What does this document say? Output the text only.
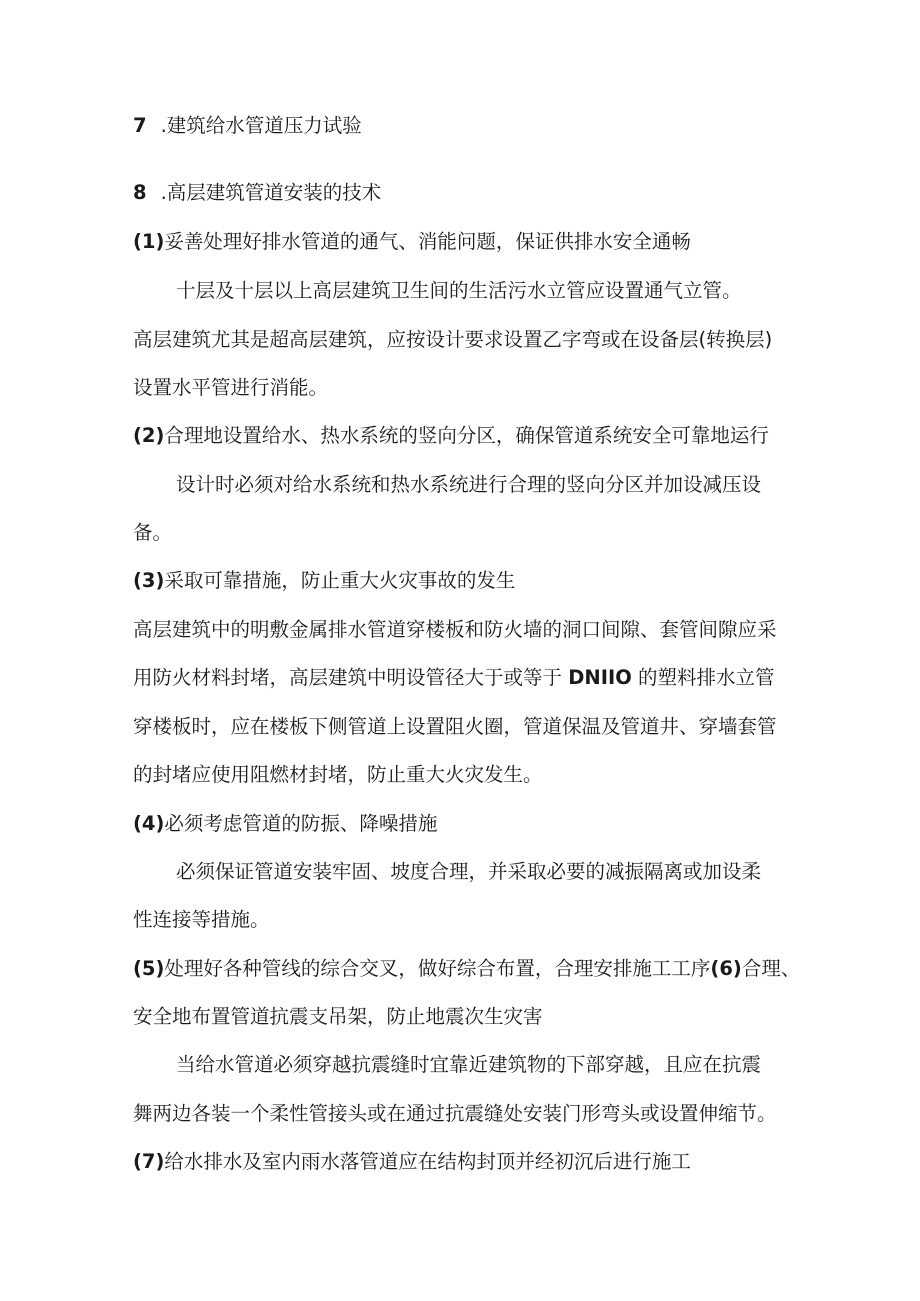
7 .建筑给水管道压力试验
8 .高层建筑管道安装的技术
(1)妥善处理好排水管道的通气、消能问题，保证供排水安全通畅
十层及十层以上高层建筑卫生间的生活污水立管应设置通气立管。
高层建筑尤其是超高层建筑，应按设计要求设置乙字弯或在设备层(转换层)
设置水平管进行消能。
(2)合理地设置给水、热水系统的竖向分区，确保管道系统安全可靠地运行
设计时必须对给水系统和热水系统进行合理的竖向分区并加设减压设
备。
(3)采取可靠措施，防止重大火灾事故的发生
高层建筑中的明敷金属排水管道穿楼板和防火墙的洞口间隙、套管间隙应采
用防火材料封堵，高层建筑中明设管径大于或等于 DNIIO 的塑料排水立管
穿楼板时，应在楼板下侧管道上设置阻火圈，管道保温及管道井、穿墙套管
的封堵应使用阻燃材封堵，防止重大火灾发生。
(4)必须考虑管道的防振、降噪措施
必须保证管道安装牢固、坡度合理，并采取必要的减振隔离或加设柔
性连接等措施。
(5)处理好各种管线的综合交叉，做好综合布置，合理安排施工工序(6)合理、
安全地布置管道抗震支吊架，防止地震次生灾害
当给水管道必须穿越抗震缝时宜靠近建筑物的下部穿越，且应在抗震
舞两边各装一个柔性管接头或在通过抗震缝处安装门形弯头或设置伸缩节。
(7)给水排水及室内雨水落管道应在结构封顶并经初沉后进行施工
